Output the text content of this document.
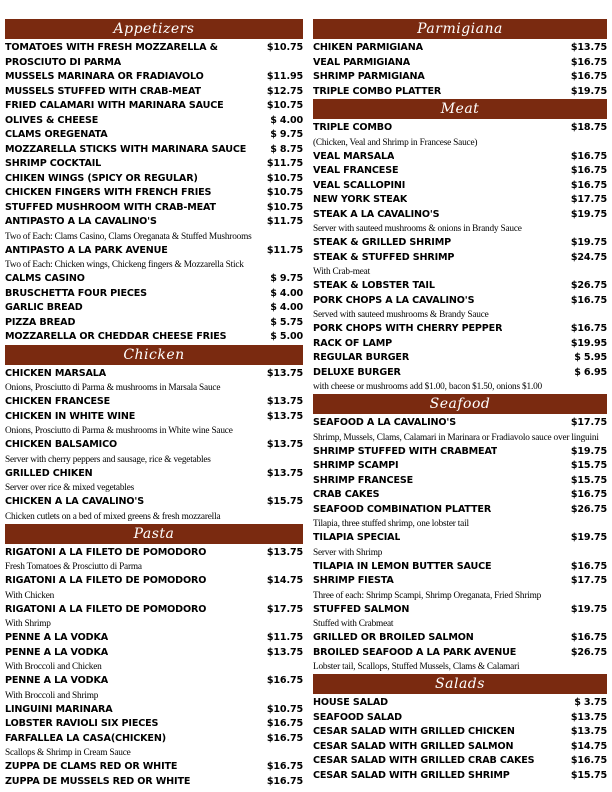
Appetizers
TOMATOES WITH FRESH MOZZARELLA &	$10.75
PROSCIUTO DI PARMA
MUSSELS MARINARA OR FRADIAVOLO	$11.95
MUSSELS STUFFED WITH CRAB-MEAT	$12.75
FRIED CALAMARI WITH MARINARA SAUCE	$10.75
OLIVES & CHEESE	$ 4.00
CLAMS OREGENATA	$ 9.75
MOZZARELLA STICKS WITH MARINARA SAUCE	$ 8.75
SHRIMP COCKTAIL	$11.75
CHIKEN WINGS (SPICY OR REGULAR)	$10.75
CHICKEN FINGERS WITH FRENCH FRIES	$10.75
STUFFED MUSHROOM WITH CRAB-MEAT	$10.75
ANTIPASTO A LA CAVALINO'S	$11.75
Two of Each: Clams Casino, Clams Oreganata & Stuffed Mushrooms
ANTIPASTO A LA PARK AVENUE	$11.75
Two of Each: Chicken wings, Chickeng fingers & Mozzarella Stick
CALMS CASINO	$ 9.75
BRUSCHETTA FOUR PIECES	$ 4.00
GARLIC BREAD	$ 4.00
PIZZA BREAD	$ 5.75
MOZZARELLA OR CHEDDAR CHEESE FRIES	$ 5.00
Chicken
CHICKEN MARSALA	$13.75
Onions, Prosciutto di Parma & mushrooms in Marsala Sauce
CHICKEN FRANCESE	$13.75
CHICKEN IN WHITE WINE	$13.75
Onions, Prosciutto di Parma & mushrooms in White wine Sauce
CHICKEN BALSAMICO	$13.75
Server with cherry peppers and sausage, rice & vegetables
GRILLED CHIKEN	$13.75
Server over rice & mixed vegetables
CHICKEN A LA CAVALINO'S	$15.75
Chicken cutlets on a bed of mixed greens & fresh mozzarella
Pasta
RIGATONI A LA FILETO DE POMODORO	$13.75
Fresh Tomatoes & Prosciutto di Parma
RIGATONI A LA FILETO DE POMODORO	$14.75
With Chicken
RIGATONI A LA FILETO DE POMODORO	$17.75
With Shrimp
PENNE A LA VODKA	$11.75
PENNE A LA VODKA	$13.75
With Broccoli and Chicken
PENNE A LA VODKA	$16.75
With Broccoli and Shrimp
LINGUINI MARINARA	$10.75
LOBSTER RAVIOLI SIX PIECES	$16.75
FARFALLEA LA CASA(CHICKEN)	$16.75
Scallops & Shrimp in Cream Sauce
ZUPPA DE CLAMS RED OR WHITE	$16.75
ZUPPA DE MUSSELS RED OR WHITE	$16.75
Parmigiana
CHIKEN PARMIGIANA	$13.75
VEAL PARMIGIANA	$16.75
SHRIMP PARMIGIANA	$16.75
TRIPLE COMBO PLATTER	$19.75
Meat
TRIPLE COMBO	$18.75
(Chicken, Veal and Shrimp in Francese Sauce)
VEAL MARSALA	$16.75
VEAL FRANCESE	$16.75
VEAL SCALLOPINI	$16.75
NEW YORK STEAK	$17.75
STEAK A LA CAVALINO'S	$19.75
Server with sauteed mushrooms & onions in Brandy Sauce
STEAK & GRILLED SHRIMP	$19.75
STEAK & STUFFED SHRIMP	$24.75
With Crab-meat
STEAK & LOBSTER TAIL	$26.75
PORK CHOPS A LA CAVALINO'S	$16.75
Served with sauteed mushrooms & Brandy Sauce
PORK CHOPS WITH CHERRY PEPPER	$16.75
RACK OF LAMP	$19.95
REGULAR BURGER	$ 5.95
DELUXE BURGER	$ 6.95
with cheese or mushrooms add $1.00, bacon $1.50, onions $1.00
Seafood
SEAFOOD A LA CAVALINO'S	$17.75
Shrimp, Mussels, Clams, Calamari in Marinara or Fradiavolo sauce over linguini
SHRIMP STUFFED WITH CRABMEAT	$19.75
SHRIMP SCAMPI	$15.75
SHRIMP FRANCESE	$15.75
CRAB CAKES	$16.75
SEAFOOD COMBINATION PLATTER	$26.75
Tilapia, three stuffed shrimp, one lobster tail
TILAPIA SPECIAL	$19.75
Server with Shrimp
TILAPIA IN LEMON BUTTER SAUCE	$16.75
SHRIMP FIESTA	$17.75
Three of each: Shrimp Scampi, Shrimp Oreganata, Fried Shrimp
STUFFED SALMON	$19.75
Stuffed with Crabmeat
GRILLED OR BROILED SALMON	$16.75
BROILED SEAFOOD A LA PARK AVENUE	$26.75
Lobster tail, Scallops, Stuffed Mussels, Clams & Calamari
Salads
HOUSE SALAD	$ 3.75
SEAFOOD SALAD	$13.75
CESAR SALAD WITH GRILLED CHICKEN	$13.75
CESAR SALAD WITH GRILLED SALMON	$14.75
CESAR SALAD WITH GRILLED CRAB CAKES	$16.75
CESAR SALAD WITH GRILLED SHRIMP	$15.75
